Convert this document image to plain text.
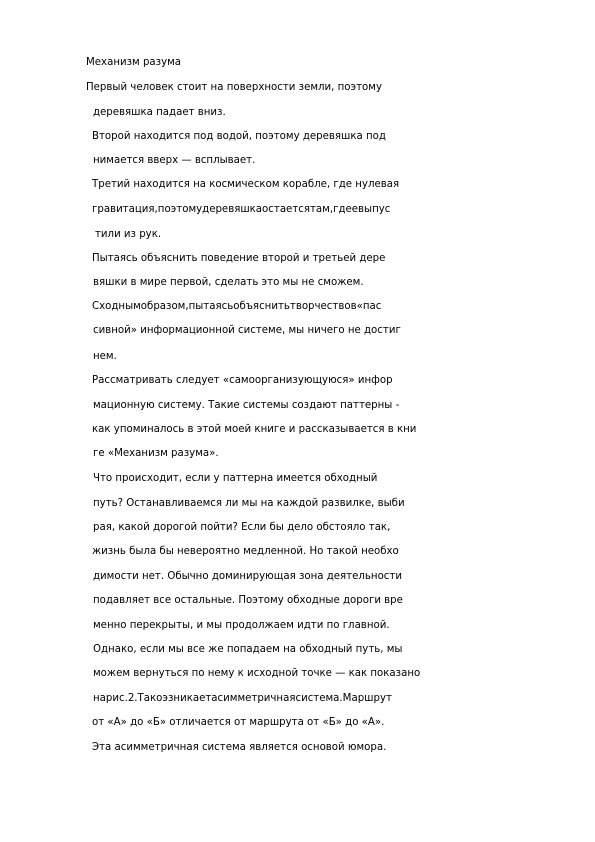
Механизм разума
Первый человек стоит на поверхности земли, поэтому
деревяшка падает вниз.
Второй находится под водой, поэтому деревяшка под
нимается вверх — всплывает.
Третий находится на космическом корабле, где нулевая
гравитация,поэтомудеревяшкаостаетсятам,гдеевыпус
тили из рук.
Пытаясь объяснить поведение второй и третьей дере
вяшки в мире первой, сделать это мы не сможем.
Сходнымобразом,пытаясьобъяснитьтворчествов«пас
сивной» информационной системе, мы ничего не достиг
нем.
Рассматривать следует «самоорганизующуюся» инфор
мационную систему. Такие системы создают паттерны -
как упоминалось в этой моей книге и рассказывается в кни
ге «Механизм разума».
Что происходит, если у паттерна имеется обходный
путь? Останавливаемся ли мы на каждой развилке, выби
рая, какой дорогой пойти? Если бы дело обстояло так,
жизнь была бы невероятно медленной. Но такой необхо
димости нет. Обычно доминирующая зона деятельности
подавляет все остальные. Поэтому обходные дороги вре
менно перекрыты, и мы продолжаем идти по главной.
Однако, если мы все же попадаем на обходный путь, мы
можем вернуться по нему к исходной точке — как показано
нарис.2.Такоэзникаетасимметричнаясистема.Маршрут
от «А» до «Б» отличается от маршрута от «Б» до «А».
Эта асимметричная система является основой юмора.
